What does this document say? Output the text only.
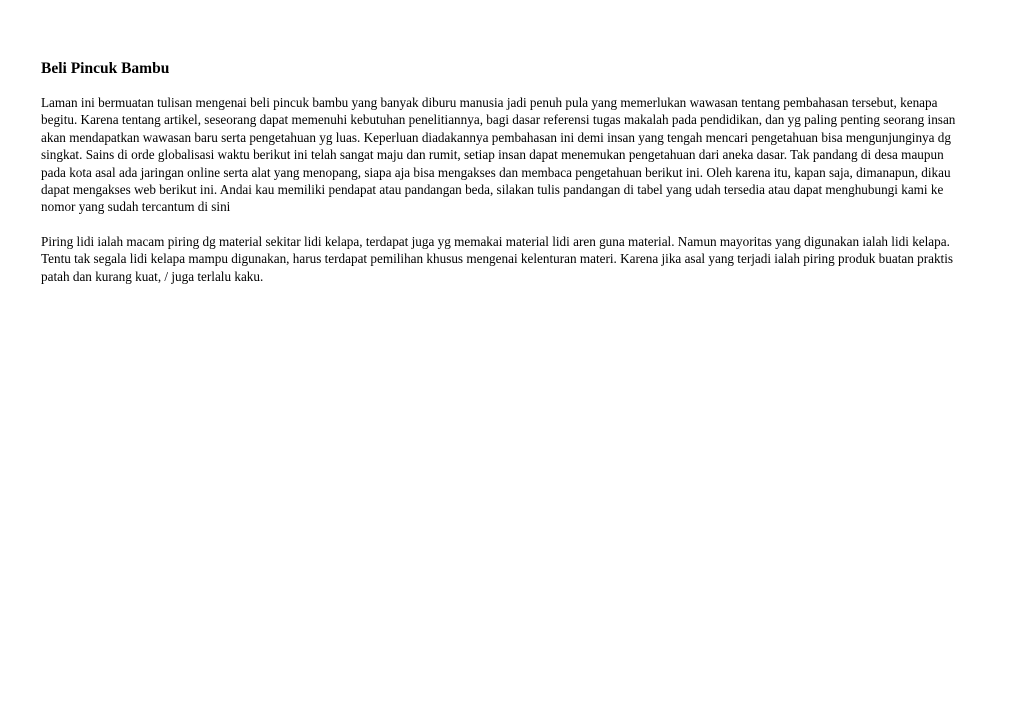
Beli Pincuk Bambu

Laman ini bermuatan tulisan mengenai beli pincuk bambu yang banyak diburu manusia jadi penuh pula yang memerlukan wawasan tentang pembahasan tersebut, kenapa begitu. Karena tentang artikel, seseorang dapat memenuhi kebutuhan penelitiannya, bagi dasar referensi tugas makalah pada pendidikan, dan yg paling penting seorang insan akan mendapatkan wawasan baru serta pengetahuan yg luas. Keperluan diadakannya pembahasan ini demi insan yang tengah mencari pengetahuan bisa mengunjunginya dg singkat. Sains di orde globalisasi waktu berikut ini telah sangat maju dan rumit, setiap insan dapat menemukan pengetahuan dari aneka dasar. Tak pandang di desa maupun pada kota asal ada jaringan online serta alat yang menopang, siapa aja bisa mengakses dan membaca pengetahuan berikut ini. Oleh karena itu, kapan saja, dimanapun, dikau dapat mengakses web berikut ini. Andai kau memiliki pendapat atau pandangan beda, silakan tulis pandangan di tabel yang udah tersedia atau dapat menghubungi kami ke nomor yang sudah tercantum di sini

Piring lidi ialah macam piring dg material sekitar lidi kelapa, terdapat juga yg memakai material lidi aren guna material. Namun mayoritas yang digunakan ialah lidi kelapa. Tentu tak segala lidi kelapa mampu digunakan, harus terdapat pemilihan khusus mengenai kelenturan materi. Karena jika asal yang terjadi ialah piring produk buatan praktis patah dan kurang kuat, / juga terlalu kaku.
